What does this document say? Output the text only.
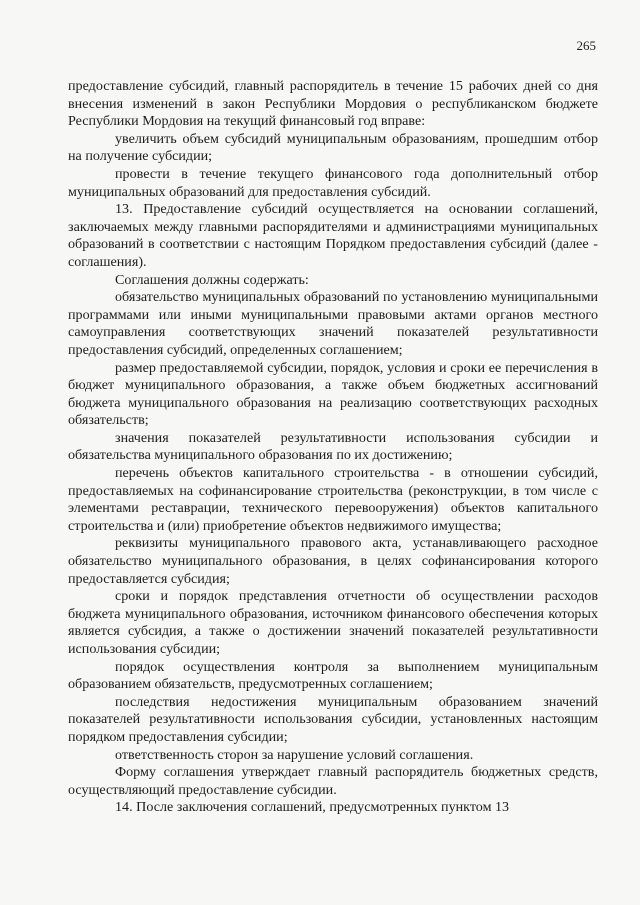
265

предоставление субсидий, главный распорядитель в течение 15 рабочих дней со дня внесения изменений в закон Республики Мордовия о республиканском бюджете Республики Мордовия на текущий финансовый год вправе:

увеличить объем субсидий муниципальным образованиям, прошедшим отбор на получение субсидии;

провести в течение текущего финансового года дополнительный отбор муниципальных образований для предоставления субсидий.

13. Предоставление субсидий осуществляется на основании соглашений, заключаемых между главными распорядителями и администрациями муниципальных образований в соответствии с настоящим Порядком предоставления субсидий (далее - соглашения).

Соглашения должны содержать:

обязательство муниципальных образований по установлению муниципальными программами или иными муниципальными правовыми актами органов местного самоуправления соответствующих значений показателей результативности предоставления субсидий, определенных соглашением;

размер предоставляемой субсидии, порядок, условия и сроки ее перечисления в бюджет муниципального образования, а также объем бюджетных ассигнований бюджета муниципального образования на реализацию соответствующих расходных обязательств;

значения показателей результативности использования субсидии и обязательства муниципального образования по их достижению;

перечень объектов капитального строительства - в отношении субсидий, предоставляемых на софинансирование строительства (реконструкции, в том числе с элементами реставрации, технического перевооружения) объектов капитального строительства и (или) приобретение объектов недвижимого имущества;

реквизиты муниципального правового акта, устанавливающего расходное обязательство муниципального образования, в целях софинансирования которого предоставляется субсидия;

сроки и порядок представления отчетности об осуществлении расходов бюджета муниципального образования, источником финансового обеспечения которых является субсидия, а также о достижении значений показателей результативности использования субсидии;

порядок осуществления контроля за выполнением муниципальным образованием обязательств, предусмотренных соглашением;

последствия недостижения муниципальным образованием значений показателей результативности использования субсидии, установленных настоящим порядком предоставления субсидии;

ответственность сторон за нарушение условий соглашения.

Форму соглашения утверждает главный распорядитель бюджетных средств, осуществляющий предоставление субсидии.

14. После заключения соглашений, предусмотренных пунктом 13
